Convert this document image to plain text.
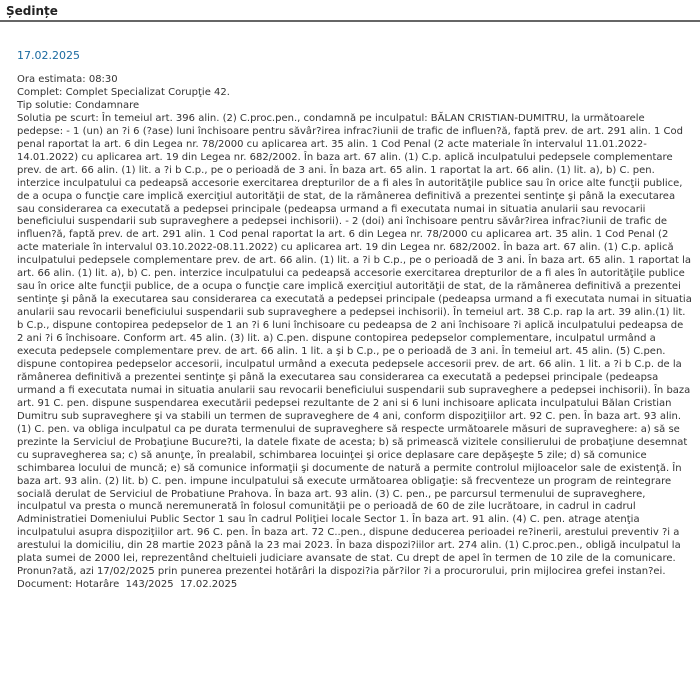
Ședințe
17.02.2025
Ora estimata: 08:30
Complet: Complet Specializat Corupţie 42.
Tip solutie: Condamnare
Solutia pe scurt: În temeiul art. 396 alin. (2) C.proc.pen., condamnă pe inculpatul: BĂLAN CRISTIAN-DUMITRU, la următoarele pedepse: - 1 (un) an ?i 6 (?ase) luni închisoare pentru săvâr?irea infrac?iunii de trafic de influen?ă, faptă prev. de art. 291 alin. 1 Cod penal raportat la art. 6 din Legea nr. 78/2000 cu aplicarea art. 35 alin. 1 Cod Penal (2 acte materiale în intervalul 11.01.2022-14.01.2022) cu aplicarea art. 19 din Legea nr. 682/2002. În baza art. 67 alin. (1) C.p. aplică inculpatului pedepsele complementare prev. de art. 66 alin. (1) lit. a ?i b C.p., pe o perioadă de 3 ani. În baza art. 65 alin. 1 raportat la art. 66 alin. (1) lit. a), b) C. pen. interzice inculpatului ca pedeapsă accesorie exercitarea drepturilor de a fi ales în autorităţile publice sau în orice alte funcţii publice, de a ocupa o funcţie care implică exerciţiul autorităţii de stat, de la rămânerea definitivă a prezentei sentinţe şi până la executarea sau considerarea ca executată a pedepsei principale (pedeapsa urmand a fi executata numai in situatia anularii sau revocarii beneficiului suspendarii sub supraveghere a pedepsei inchisorii). - 2 (doi) ani închisoare pentru săvâr?irea infrac?iunii de trafic de influen?ă, faptă prev. de art. 291 alin. 1 Cod penal raportat la art. 6 din Legea nr. 78/2000 cu aplicarea art. 35 alin. 1 Cod Penal (2 acte materiale în intervalul 03.10.2022-08.11.2022) cu aplicarea art. 19 din Legea nr. 682/2002. În baza art. 67 alin. (1) C.p. aplică inculpatului pedepsele complementare prev. de art. 66 alin. (1) lit. a ?i b C.p., pe o perioadă de 3 ani. În baza art. 65 alin. 1 raportat la art. 66 alin. (1) lit. a), b) C. pen. interzice inculpatului ca pedeapsă accesorie exercitarea drepturilor de a fi ales în autorităţile publice sau în orice alte funcţii publice, de a ocupa o funcţie care implică exerciţiul autorităţii de stat, de la rămânerea definitivă a prezentei sentinţe şi până la executarea sau considerarea ca executată a pedepsei principale (pedeapsa urmand a fi executata numai in situatia anularii sau revocarii beneficiului suspendarii sub supraveghere a pedepsei inchisorii). În temeiul art. 38 C.p. rap la art. 39 alin.(1) lit. b C.p., dispune contopirea pedepselor de 1 an ?i 6 luni închisoare cu pedeapsa de 2 ani închisoare ?i aplică inculpatului pedeapsa de 2 ani ?i 6 închisoare. Conform art. 45 alin. (3) lit. a) C.pen. dispune contopirea pedepselor complementare, inculpatul urmând a executa pedepsele complementare prev. de art. 66 alin. 1 lit. a şi b C.p., pe o perioadă de 3 ani. În temeiul art. 45 alin. (5) C.pen. dispune contopirea pedepselor accesorii, inculpatul urmând a executa pedepsele accesorii prev. de art. 66 alin. 1 lit. a ?i b C.p. de la rămânerea definitivă a prezentei sentinţe şi până la executarea sau considerarea ca executată a pedepsei principale (pedeapsa urmand a fi executata numai in situatia anularii sau revocarii beneficiului suspendarii sub supraveghere a pedepsei inchisorii). În baza art. 91 C. pen. dispune suspendarea executării pedepsei rezultante de 2 ani si 6 luni inchisoare aplicata inculpatului Bălan Cristian Dumitru sub supraveghere şi va stabili un termen de supraveghere de 4 ani, conform dispoziţiilor art. 92 C. pen. În baza art. 93 alin. (1) C. pen. va obliga inculpatul ca pe durata termenului de supraveghere să respecte următoarele măsuri de supraveghere: a) să se prezinte la Serviciul de Probaţiune Bucure?ti, la datele fixate de acesta; b) să primească vizitele consilierului de probaţiune desemnat cu supravegherea sa; c) să anunţe, în prealabil, schimbarea locuinţei şi orice deplasare care depăşeşte 5 zile; d) să comunice schimbarea locului de muncă; e) să comunice informaţii şi documente de natură a permite controlul mijloacelor sale de existenţă. În baza art. 93 alin. (2) lit. b) C. pen. impune inculpatului să execute următoarea obligaţie: să frecventeze un program de reintegrare socială derulat de Serviciul de Probatiune Prahova. În baza art. 93 alin. (3) C. pen., pe parcursul termenului de supraveghere, inculpatul va presta o muncă neremunerată în folosul comunităţii pe o perioadă de 60 de zile lucrătoare, in cadrul in cadrul Administratiei Domeniului Public Sector 1 sau în cadrul Poliţiei locale Sector 1. În baza art. 91 alin. (4) C. pen. atrage atenţia inculpatului asupra dispoziţiilor art. 96 C. pen. În baza art. 72 C..pen., dispune deducerea perioadei re?inerii, arestului preventiv ?i a arestului la domiciliu, din 28 martie 2023 până la 23 mai 2023. În baza dispozi?iilor art. 274 alin. (1) C.proc.pen., obligă inculpatul la plata sumei de 2000 lei, reprezentând cheltuieli judiciare avansate de stat. Cu drept de apel în termen de 10 zile de la comunicare. Pronun?ată, azi 17/02/2025 prin punerea prezentei hotărâri la dispozi?ia păr?ilor ?i a procurorului, prin mijlocirea grefei instan?ei.
Document: Hotarâre  143/2025  17.02.2025
